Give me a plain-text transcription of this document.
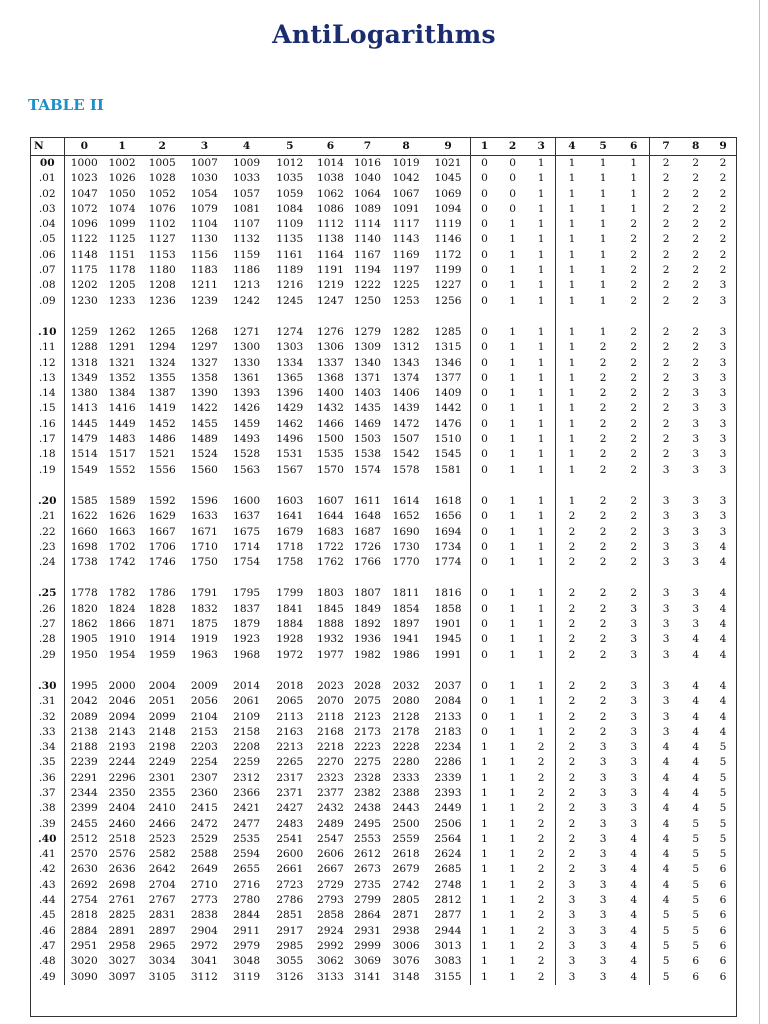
AntiLogarithms
TABLE II
N	0	1	2	3	4	5	6	7	8	9	1	2	3	4	5	6	7	8	9
00	1000	1002	1005	1007	1009	1012	1014	1016	1019	1021	0	0	1	1	1	1	2	2	2
.01	1023	1026	1028	1030	1033	1035	1038	1040	1042	1045	0	0	1	1	1	1	2	2	2
.02	1047	1050	1052	1054	1057	1059	1062	1064	1067	1069	0	0	1	1	1	1	2	2	2
.03	1072	1074	1076	1079	1081	1084	1086	1089	1091	1094	0	0	1	1	1	1	2	2	2
.04	1096	1099	1102	1104	1107	1109	1112	1114	1117	1119	0	1	1	1	1	2	2	2	2
.05	1122	1125	1127	1130	1132	1135	1138	1140	1143	1146	0	1	1	1	1	2	2	2	2
.06	1148	1151	1153	1156	1159	1161	1164	1167	1169	1172	0	1	1	1	1	2	2	2	2
.07	1175	1178	1180	1183	1186	1189	1191	1194	1197	1199	0	1	1	1	1	2	2	2	2
.08	1202	1205	1208	1211	1213	1216	1219	1222	1225	1227	0	1	1	1	1	2	2	2	3
.09	1230	1233	1236	1239	1242	1245	1247	1250	1253	1256	0	1	1	1	1	2	2	2	3

.10	1259	1262	1265	1268	1271	1274	1276	1279	1282	1285	0	1	1	1	1	2	2	2	3
.11	1288	1291	1294	1297	1300	1303	1306	1309	1312	1315	0	1	1	1	2	2	2	2	3
.12	1318	1321	1324	1327	1330	1334	1337	1340	1343	1346	0	1	1	1	2	2	2	2	3
.13	1349	1352	1355	1358	1361	1365	1368	1371	1374	1377	0	1	1	1	2	2	2	3	3
.14	1380	1384	1387	1390	1393	1396	1400	1403	1406	1409	0	1	1	1	2	2	2	3	3
.15	1413	1416	1419	1422	1426	1429	1432	1435	1439	1442	0	1	1	1	2	2	2	3	3
.16	1445	1449	1452	1455	1459	1462	1466	1469	1472	1476	0	1	1	1	2	2	2	3	3
.17	1479	1483	1486	1489	1493	1496	1500	1503	1507	1510	0	1	1	1	2	2	2	3	3
.18	1514	1517	1521	1524	1528	1531	1535	1538	1542	1545	0	1	1	1	2	2	2	3	3
.19	1549	1552	1556	1560	1563	1567	1570	1574	1578	1581	0	1	1	1	2	2	3	3	3

.20	1585	1589	1592	1596	1600	1603	1607	1611	1614	1618	0	1	1	1	2	2	3	3	3
.21	1622	1626	1629	1633	1637	1641	1644	1648	1652	1656	0	1	1	2	2	2	3	3	3
.22	1660	1663	1667	1671	1675	1679	1683	1687	1690	1694	0	1	1	2	2	2	3	3	3
.23	1698	1702	1706	1710	1714	1718	1722	1726	1730	1734	0	1	1	2	2	2	3	3	4
.24	1738	1742	1746	1750	1754	1758	1762	1766	1770	1774	0	1	1	2	2	2	3	3	4

.25	1778	1782	1786	1791	1795	1799	1803	1807	1811	1816	0	1	1	2	2	2	3	3	4
.26	1820	1824	1828	1832	1837	1841	1845	1849	1854	1858	0	1	1	2	2	3	3	3	4
.27	1862	1866	1871	1875	1879	1884	1888	1892	1897	1901	0	1	1	2	2	3	3	3	4
.28	1905	1910	1914	1919	1923	1928	1932	1936	1941	1945	0	1	1	2	2	3	3	4	4
.29	1950	1954	1959	1963	1968	1972	1977	1982	1986	1991	0	1	1	2	2	3	3	4	4

.30	1995	2000	2004	2009	2014	2018	2023	2028	2032	2037	0	1	1	2	2	3	3	4	4
.31	2042	2046	2051	2056	2061	2065	2070	2075	2080	2084	0	1	1	2	2	3	3	4	4
.32	2089	2094	2099	2104	2109	2113	2118	2123	2128	2133	0	1	1	2	2	3	3	4	4
.33	2138	2143	2148	2153	2158	2163	2168	2173	2178	2183	0	1	1	2	2	3	3	4	4
.34	2188	2193	2198	2203	2208	2213	2218	2223	2228	2234	1	1	2	2	3	3	4	4	5
.35	2239	2244	2249	2254	2259	2265	2270	2275	2280	2286	1	1	2	2	3	3	4	4	5
.36	2291	2296	2301	2307	2312	2317	2323	2328	2333	2339	1	1	2	2	3	3	4	4	5
.37	2344	2350	2355	2360	2366	2371	2377	2382	2388	2393	1	1	2	2	3	3	4	4	5
.38	2399	2404	2410	2415	2421	2427	2432	2438	2443	2449	1	1	2	2	3	3	4	4	5
.39	2455	2460	2466	2472	2477	2483	2489	2495	2500	2506	1	1	2	2	3	3	4	5	5
.40	2512	2518	2523	2529	2535	2541	2547	2553	2559	2564	1	1	2	2	3	4	4	5	5
.41	2570	2576	2582	2588	2594	2600	2606	2612	2618	2624	1	1	2	2	3	4	4	5	5
.42	2630	2636	2642	2649	2655	2661	2667	2673	2679	2685	1	1	2	2	3	4	4	5	6
.43	2692	2698	2704	2710	2716	2723	2729	2735	2742	2748	1	1	2	3	3	4	4	5	6
.44	2754	2761	2767	2773	2780	2786	2793	2799	2805	2812	1	1	2	3	3	4	4	5	6
.45	2818	2825	2831	2838	2844	2851	2858	2864	2871	2877	1	1	2	3	3	4	5	5	6
.46	2884	2891	2897	2904	2911	2917	2924	2931	2938	2944	1	1	2	3	3	4	5	5	6
.47	2951	2958	2965	2972	2979	2985	2992	2999	3006	3013	1	1	2	3	3	4	5	5	6
.48	3020	3027	3034	3041	3048	3055	3062	3069	3076	3083	1	1	2	3	3	4	5	6	6
.49	3090	3097	3105	3112	3119	3126	3133	3141	3148	3155	1	1	2	3	3	4	5	6	6
